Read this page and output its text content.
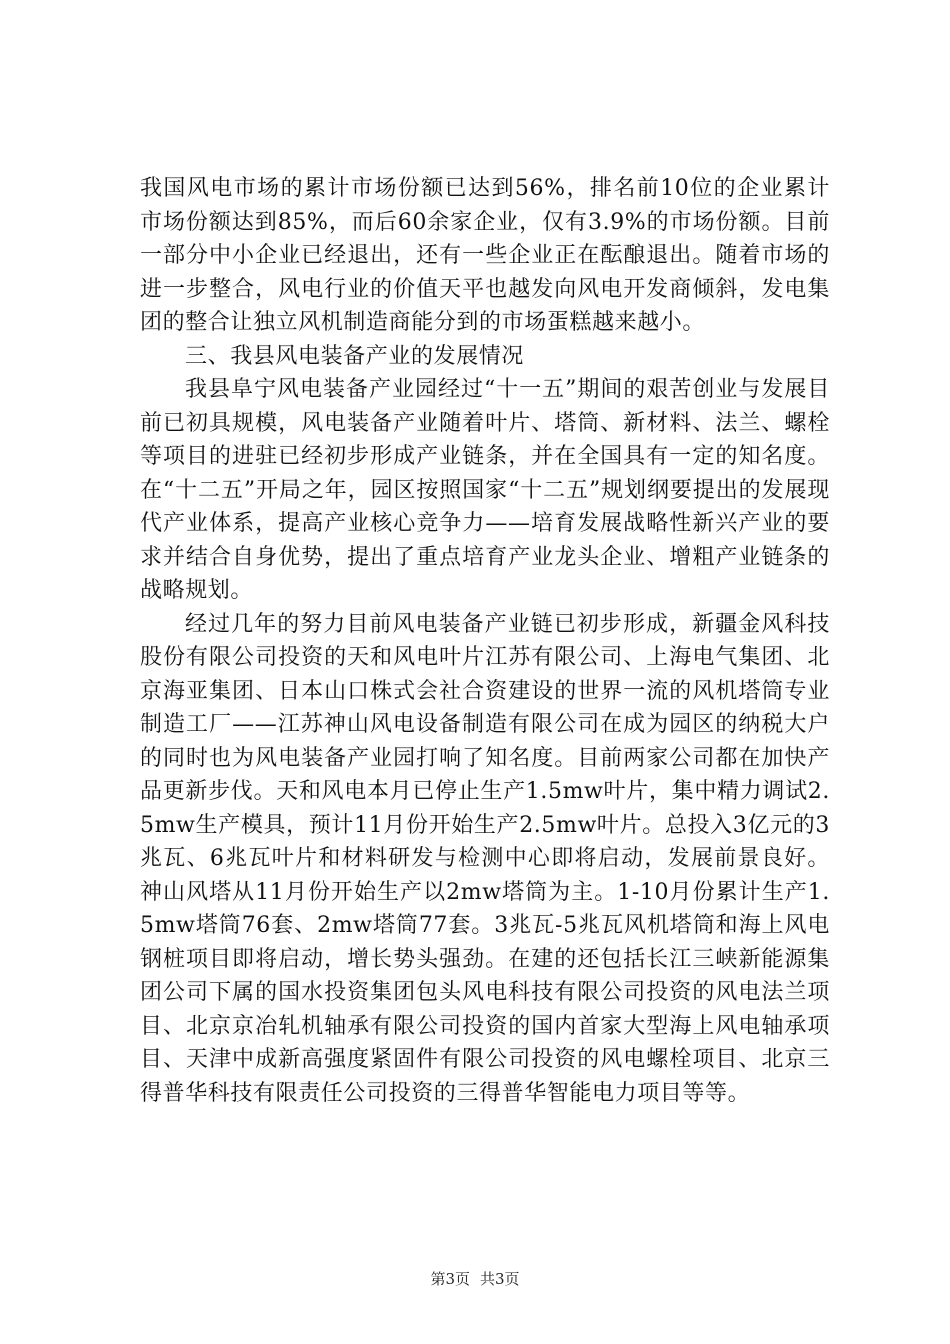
我国风电市场的累计市场份额已达到56%，排名前10位的企业累计市场份额达到85%，而后60余家企业，仅有3.9%的市场份额。目前一部分中小企业已经退出，还有一些企业正在酝酿退出。随着市场的进一步整合，风电行业的价值天平也越发向风电开发商倾斜，发电集团的整合让独立风机制造商能分到的市场蛋糕越来越小。

三、我县风电装备产业的发展情况

我县阜宁风电装备产业园经过“十一五”期间的艰苦创业与发展目前已初具规模，风电装备产业随着叶片、塔筒、新材料、法兰、螺栓等项目的进驻已经初步形成产业链条，并在全国具有一定的知名度。在“十二五”开局之年，园区按照国家“十二五”规划纲要提出的发展现代产业体系，提高产业核心竞争力——培育发展战略性新兴产业的要求并结合自身优势，提出了重点培育产业龙头企业、增粗产业链条的战略规划。

经过几年的努力目前风电装备产业链已初步形成，新疆金风科技股份有限公司投资的天和风电叶片江苏有限公司、上海电气集团、北京海亚集团、日本山口株式会社合资建设的世界一流的风机塔筒专业制造工厂——江苏神山风电设备制造有限公司在成为园区的纳税大户的同时也为风电装备产业园打响了知名度。目前两家公司都在加快产品更新步伐。天和风电本月已停止生产1.5mw叶片，集中精力调试2.5mw生产模具，预计11月份开始生产2.5mw叶片。总投入3亿元的3兆瓦、6兆瓦叶片和材料研发与检测中心即将启动，发展前景良好。神山风塔从11月份开始生产以2mw塔筒为主。1-10月份累计生产1.5mw塔筒76套、2mw塔筒77套。3兆瓦-5兆瓦风机塔筒和海上风电钢桩项目即将启动，增长势头强劲。在建的还包括长江三峡新能源集团公司下属的国水投资集团包头风电科技有限公司投资的风电法兰项目、北京京冶轧机轴承有限公司投资的国内首家大型海上风电轴承项目、天津中成新高强度紧固件有限公司投资的风电螺栓项目、北京三得普华科技有限责任公司投资的三得普华智能电力项目等等。

第3页 共3页
